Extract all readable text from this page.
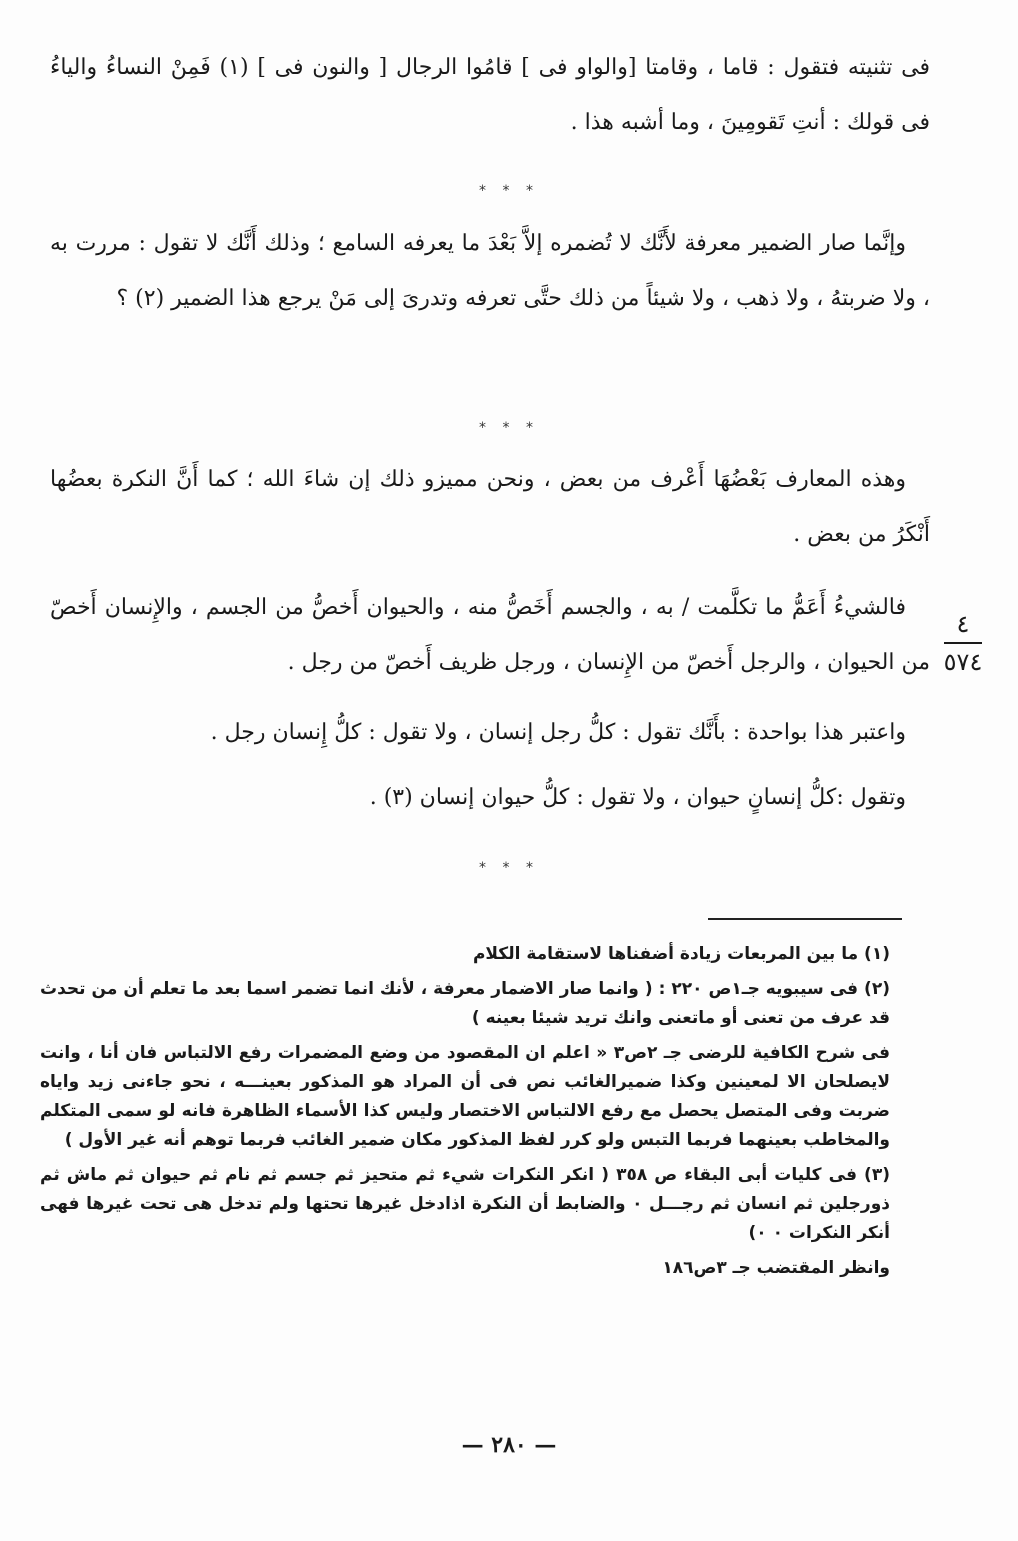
فى تثنيته فتقول : قاما ، وقامتا [والواو فى ] قامُوا الرجال [ والنون فى ] (١) فَمِنْ النساءُ والياءُ فى قولك : أنتِ تَقومِينَ ، وما أشبه هذا .
* * *
وإنَّما صار الضمير معرفة لأَنَّك لا تُضمره إلاَّ بَعْدَ ما يعرفه السامع ؛ وذلك أَنَّك لا تقول : مررت به ، ولا ضربتهُ ، ولا ذهب ، ولا شيئاً من ذلك حتَّى تعرفه وتدرىَ إلى مَنْ يرجع هذا الضمير (٢) ؟
* * *
وهذه المعارف بَعْضُهَا أَعْرف من بعض ، ونحن مميزو ذلك إن شاءَ الله ؛ كما أَنَّ النكرة بعضُها أَنْكَرُ من بعض .
فالشيءُ أَعَمُّ ما تكلَّمت / به ، والجسم أَخَصُّ منه ، والحيوان أَخصُّ من الجسم ، والإِنسان أَخصّ من الحيوان ، والرجل أَخصّ من الإِنسان ، ورجل ظريف أَخصّ من رجل .
٤
٥٧٤
واعتبر هذا بواحدة : بأَنَّك تقول : كلُّ رجل إنسان ، ولا تقول : كلُّ إِنسان رجل .
وتقول :كلُّ إنسانٍ حيوان ، ولا تقول : كلُّ حيوان إنسان (٣) .
* * *

(١) ما بين المربعات زيادة أضفناها لاستقامة الكلام

(٢) فى سيبويه جـ١ص ٢٢٠ : ( وانما صار الاضمار معرفة ، لأنك انما تضمر اسما بعد ما تعلم أن من تحدث قد عرف من تعنى أو ماتعنى وانك تريد شيئا بعينه )

فى شرح الكافية للرضى جـ ٢ص٣ « اعلم ان المقصود من وضع المضمرات رفع الالتباس فان أنا ، وانت لايصلحان الا لمعينين وكذا ضميرالغائب نص فى أن المراد هو المذكور بعينـــه ، نحو جاءنى زيد واياه ضربت وفى المتصل يحصل مع رفع الالتباس الاختصار وليس كذا الأسماء الظاهرة فانه لو سمى المتكلم والمخاطب بعينهما فربما التبس ولو كرر لفظ المذكور مكان ضمير الغائب فربما توهم أنه غير الأول )

(٣) فى كليات أبى البقاء ص ٣٥٨ ( انكر النكرات شيء ثم متحيز ثم جسم ثم نام ثم حيوان ثم ماش ثم ذورجلين ثم انسان ثم رجـــل ٠ والضابط أن النكرة اذادخل غيرها تحتها ولم تدخل هى تحت غيرها فهى أنكر النكرات ٠ ٠)

وانظر المقتضب جـ ٣ص١٨٦

— ٢٨٠ —
